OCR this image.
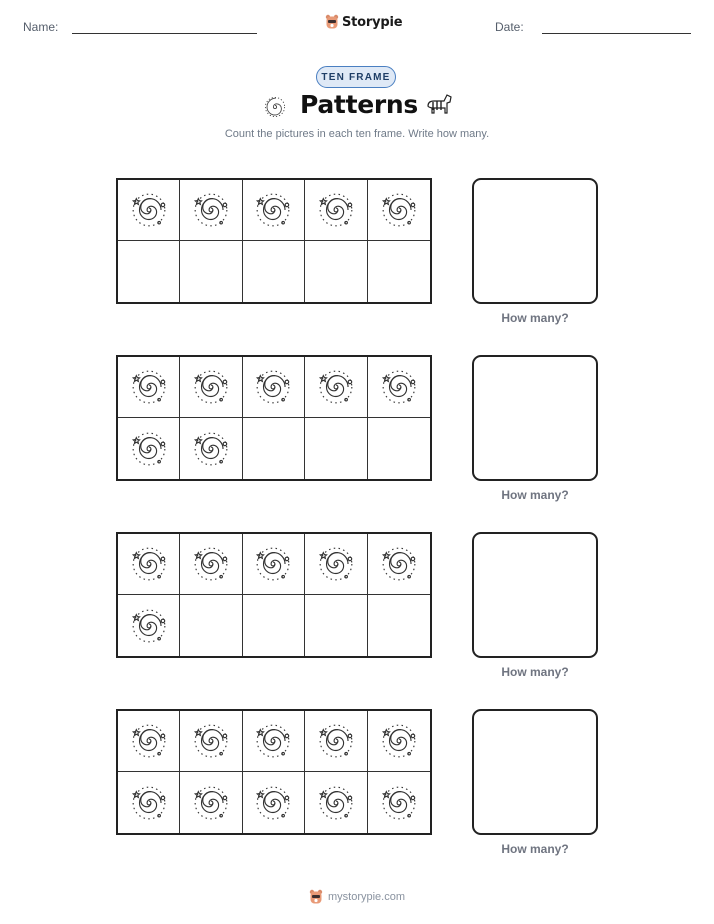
Name:	Storypie	Date:
TEN FRAME
Patterns
Count the pictures in each ten frame. Write how many.
How many?
How many?
How many?
How many?
mystorypie.com
